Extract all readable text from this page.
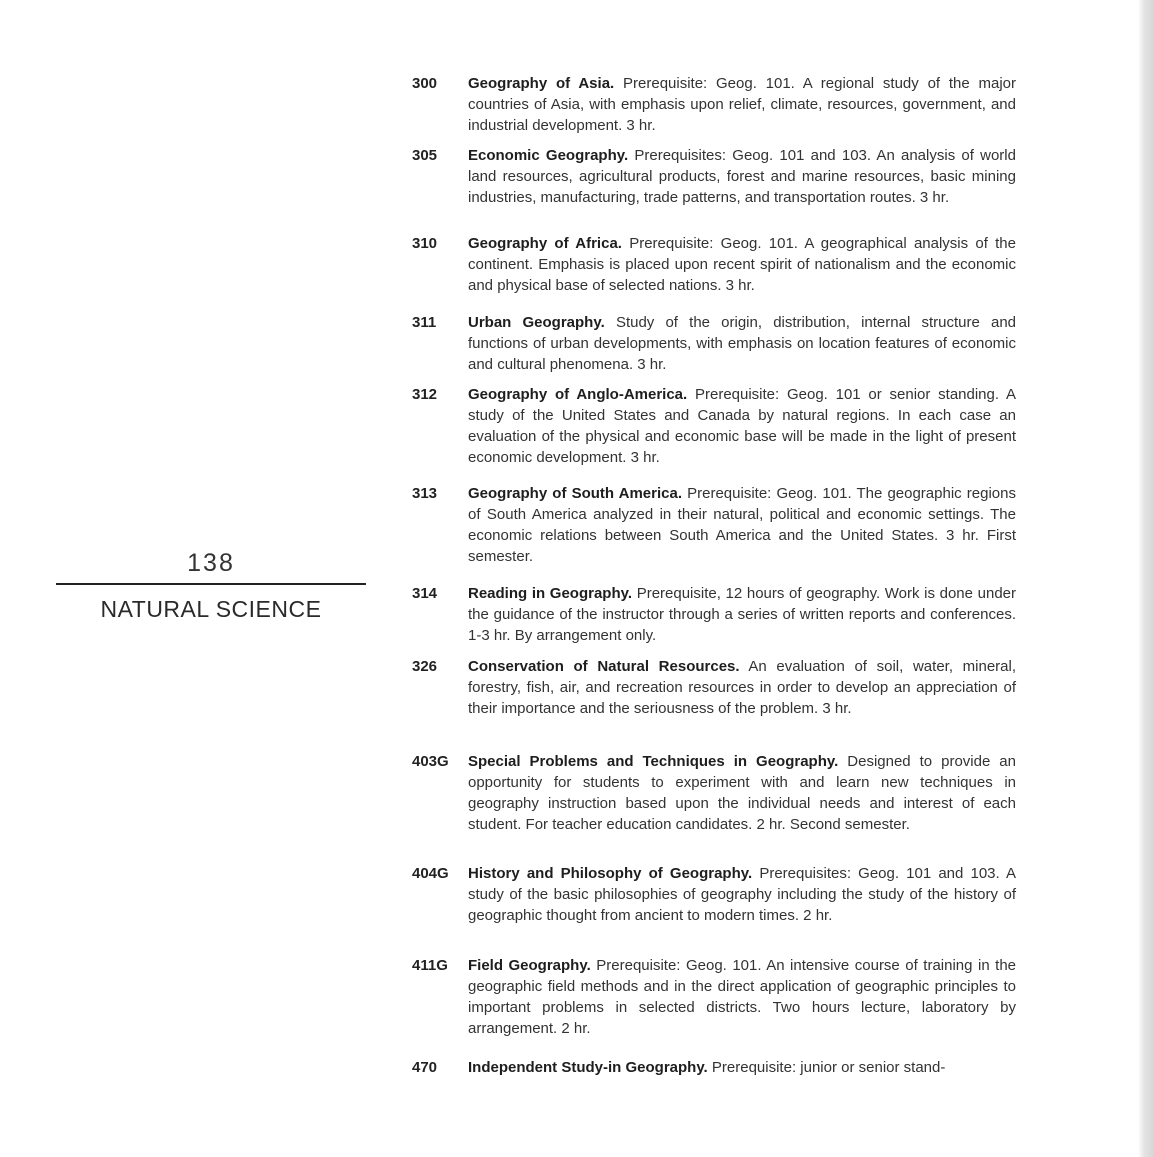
138
NATURAL SCIENCE
300	Geography of Asia. Prerequisite: Geog. 101. A regional study of the major countries of Asia, with emphasis upon relief, climate, resources, government, and industrial development. 3 hr.
305	Economic Geography. Prerequisites: Geog. 101 and 103. An analysis of world land resources, agricultural products, forest and marine resources, basic mining industries, manufacturing, trade patterns, and transportation routes. 3 hr.
310	Geography of Africa. Prerequisite: Geog. 101. A geographical analysis of the continent. Emphasis is placed upon recent spirit of nationalism and the economic and physical base of selected nations. 3 hr.
311	Urban Geography. Study of the origin, distribution, internal structure and functions of urban developments, with emphasis on location features of economic and cultural phenomena. 3 hr.
312	Geography of Anglo-America. Prerequisite: Geog. 101 or senior standing. A study of the United States and Canada by natural regions. In each case an evaluation of the physical and economic base will be made in the light of present economic development. 3 hr.
313	Geography of South America. Prerequisite: Geog. 101. The geographic regions of South America analyzed in their natural, political and economic settings. The economic relations between South America and the United States. 3 hr. First semester.
314	Reading in Geography. Prerequisite, 12 hours of geography. Work is done under the guidance of the instructor through a series of written reports and conferences. 1-3 hr. By arrangement only.
326	Conservation of Natural Resources. An evaluation of soil, water, mineral, forestry, fish, air, and recreation resources in order to develop an appreciation of their importance and the seriousness of the problem. 3 hr.
403G	Special Problems and Techniques in Geography. Designed to provide an opportunity for students to experiment with and learn new techniques in geography instruction based upon the individual needs and interest of each student. For teacher education candidates. 2 hr. Second semester.
404G	History and Philosophy of Geography. Prerequisites: Geog. 101 and 103. A study of the basic philosophies of geography including the study of the history of geographic thought from ancient to modern times. 2 hr.
411G	Field Geography. Prerequisite: Geog. 101. An intensive course of training in the geographic field methods and in the direct application of geographic principles to important problems in selected districts. Two hours lecture, laboratory by arrangement. 2 hr.
470	Independent Study-in Geography. Prerequisite: junior or senior stand-
